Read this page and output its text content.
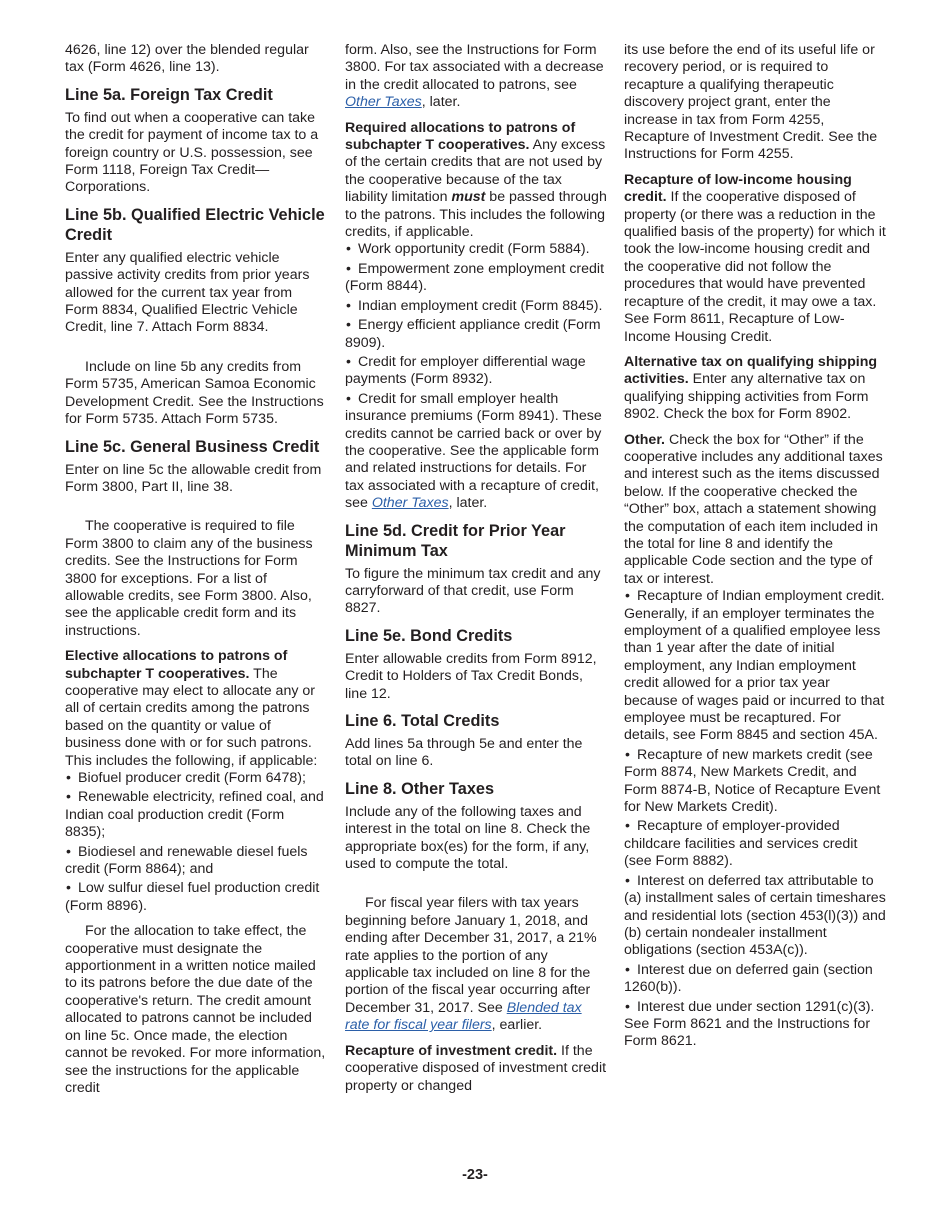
4626, line 12) over the blended regular tax (Form 4626, line 13).

Line 5a. Foreign Tax Credit

To find out when a cooperative can take the credit for payment of income tax to a foreign country or U.S. possession, see Form 1118, Foreign Tax Credit—Corporations.

Line 5b. Qualified Electric Vehicle Credit

Enter any qualified electric vehicle passive activity credits from prior years allowed for the current tax year from Form 8834, Qualified Electric Vehicle Credit, line 7. Attach Form 8834.

Include on line 5b any credits from Form 5735, American Samoa Economic Development Credit. See the Instructions for Form 5735. Attach Form 5735.

Line 5c. General Business Credit

Enter on line 5c the allowable credit from Form 3800, Part II, line 38.

The cooperative is required to file Form 3800 to claim any of the business credits. See the Instructions for Form 3800 for exceptions. For a list of allowable credits, see Form 3800. Also, see the applicable credit form and its instructions.

Elective allocations to patrons of subchapter T cooperatives. The cooperative may elect to allocate any or all of certain credits among the patrons based on the quantity or value of business done with or for such patrons. This includes the following, if applicable:

• Biofuel producer credit (Form 6478);
• Renewable electricity, refined coal, and Indian coal production credit (Form 8835);
• Biodiesel and renewable diesel fuels credit (Form 8864); and
• Low sulfur diesel fuel production credit (Form 8896).

For the allocation to take effect, the cooperative must designate the apportionment in a written notice mailed to its patrons before the due date of the cooperative's return. The credit amount allocated to patrons cannot be included on line 5c. Once made, the election cannot be revoked. For more information, see the instructions for the applicable credit

form. Also, see the Instructions for Form 3800. For tax associated with a decrease in the credit allocated to patrons, see Other Taxes, later.

Required allocations to patrons of subchapter T cooperatives. Any excess of the certain credits that are not used by the cooperative because of the tax liability limitation must be passed through to the patrons. This includes the following credits, if applicable.

• Work opportunity credit (Form 5884).
• Empowerment zone employment credit (Form 8844).
• Indian employment credit (Form 8845).
• Energy efficient appliance credit (Form 8909).
• Credit for employer differential wage payments (Form 8932).
• Credit for small employer health insurance premiums (Form 8941). These credits cannot be carried back or over by the cooperative. See the applicable form and related instructions for details. For tax associated with a recapture of credit, see Other Taxes, later.
Line 5d. Credit for Prior Year Minimum Tax

To figure the minimum tax credit and any carryforward of that credit, use Form 8827.

Line 5e. Bond Credits

Enter allowable credits from Form 8912, Credit to Holders of Tax Credit Bonds, line 12.

Line 6. Total Credits

Add lines 5a through 5e and enter the total on line 6.

Line 8. Other Taxes

Include any of the following taxes and interest in the total on line 8. Check the appropriate box(es) for the form, if any, used to compute the total.

For fiscal year filers with tax years beginning before January 1, 2018, and ending after December 31, 2017, a 21% rate applies to the portion of any applicable tax included on line 8 for the portion of the fiscal year occurring after December 31, 2017. See Blended tax rate for fiscal year filers, earlier.

Recapture of investment credit. If the cooperative disposed of investment credit property or changed

its use before the end of its useful life or recovery period, or is required to recapture a qualifying therapeutic discovery project grant, enter the increase in tax from Form 4255, Recapture of Investment Credit. See the Instructions for Form 4255.

Recapture of low-income housing credit. If the cooperative disposed of property (or there was a reduction in the qualified basis of the property) for which it took the low-income housing credit and the cooperative did not follow the procedures that would have prevented recapture of the credit, it may owe a tax. See Form 8611, Recapture of Low-Income Housing Credit.

Alternative tax on qualifying shipping activities. Enter any alternative tax on qualifying shipping activities from Form 8902. Check the box for Form 8902.

Other. Check the box for “Other” if the cooperative includes any additional taxes and interest such as the items discussed below. If the cooperative checked the “Other” box, attach a statement showing the computation of each item included in the total for line 8 and identify the applicable Code section and the type of tax or interest.

• Recapture of Indian employment credit. Generally, if an employer terminates the employment of a qualified employee less than 1 year after the date of initial employment, any Indian employment credit allowed for a prior tax year because of wages paid or incurred to that employee must be recaptured. For details, see Form 8845 and section 45A.
• Recapture of new markets credit (see Form 8874, New Markets Credit, and Form 8874-B, Notice of Recapture Event for New Markets Credit).
• Recapture of employer-provided childcare facilities and services credit (see Form 8882).
• Interest on deferred tax attributable to (a) installment sales of certain timeshares and residential lots (section 453(l)(3)) and (b) certain nondealer installment obligations (section 453A(c)).
• Interest due on deferred gain (section 1260(b)).
• Interest due under section 1291(c)(3). See Form 8621 and the Instructions for Form 8621.
-23-
